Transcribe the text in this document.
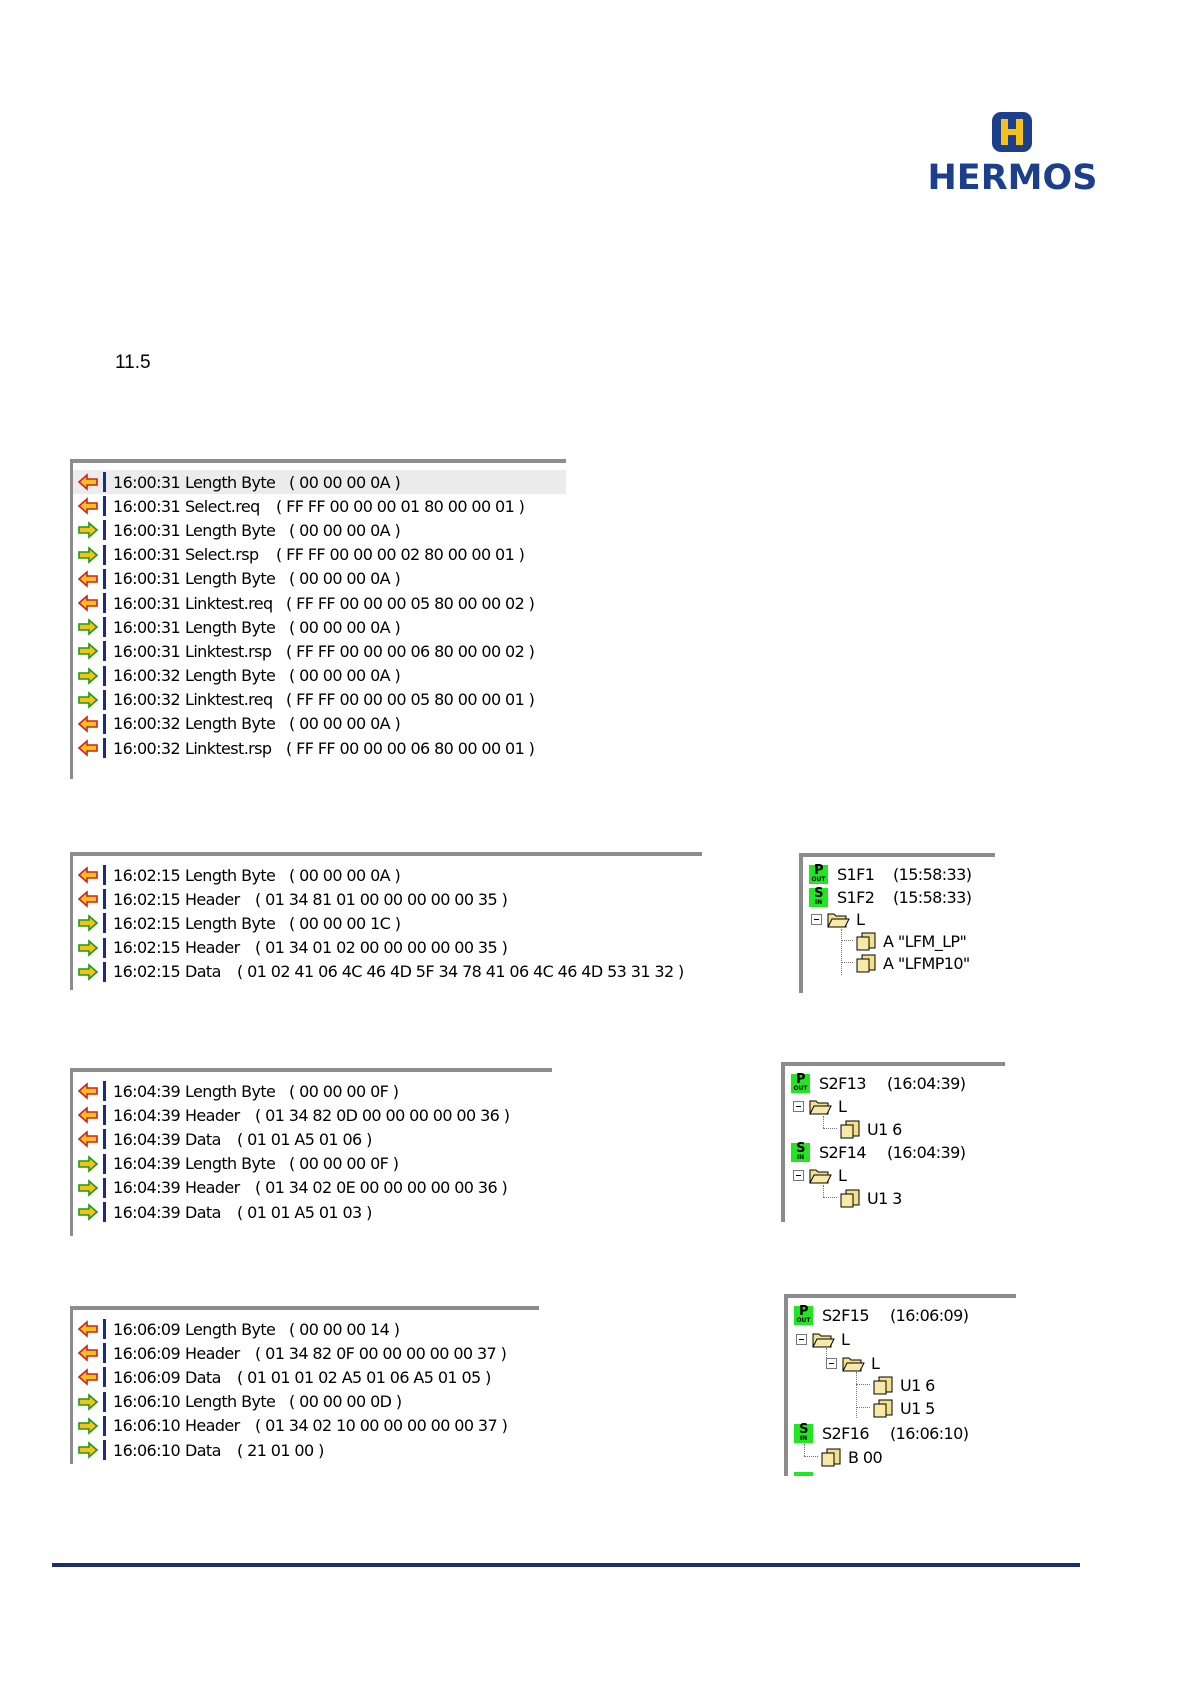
HERMOS
11.5
16:00:31 Length Byte ( 00 00 00 0A )
16:00:31 Select.req	( FF FF 00 00 00 01 80 00 00 01 )
16:00:31 Length Byte ( 00 00 00 0A )
16:00:31 Select.rsp	( FF FF 00 00 00 02 80 00 00 01 )
16:00:31 Length Byte ( 00 00 00 0A )
16:00:31 Linktest.req ( FF FF 00 00 00 05 80 00 00 02 )
16:00:31 Length Byte ( 00 00 00 0A )
16:00:31 Linktest.rsp ( FF FF 00 00 00 06 80 00 00 02 )
16:00:32 Length Byte ( 00 00 00 0A )
16:00:32 Linktest.req ( FF FF 00 00 00 05 80 00 00 01 )
16:00:32 Length Byte ( 00 00 00 0A )
16:00:32 Linktest.rsp ( FF FF 00 00 00 06 80 00 00 01 )
16:02:15 Length Byte ( 00 00 00 0A )
16:02:15 Header ( 01 34 81 01 00 00 00 00 00 35 )
16:02:15 Length Byte ( 00 00 00 1C )
16:02:15 Header ( 01 34 01 02 00 00 00 00 00 35 )
16:02:15 Data	( 01 02 41 06 4C 46 4D 5F 34 78 41 06 4C 46 4D 53 31 32 )
16:04:39 Length Byte ( 00 00 00 0F )
16:04:39 Header ( 01 34 82 0D 00 00 00 00 00 36 )
16:04:39 Data	( 01 01 A5 01 06 )
16:04:39 Length Byte ( 00 00 00 0F )
16:04:39 Header ( 01 34 02 0E 00 00 00 00 00 36 )
16:04:39 Data	( 01 01 A5 01 03 )
16:06:09 Length Byte ( 00 00 00 14 )
16:06:09 Header ( 01 34 82 0F 00 00 00 00 00 37 )
16:06:09 Data	( 01 01 01 02 A5 01 06 A5 01 05 )
16:06:10 Length Byte ( 00 00 00 0D )
16:06:10 Header ( 01 34 02 10 00 00 00 00 00 37 )
16:06:10 Data	( 21 01 00 )
P
OUT S1F1	(15:58:33)
S
IN S1F2	(15:58:33)
L
A "LFM_LP"
A "LFMP10"
P
OUT S2F13	(16:04:39)
L
U1 6
S
IN S2F14	(16:04:39)
L
U1 3
P
OUT S2F15	(16:06:09)
L
L
U1 6
U1 5
S
IN S2F16	(16:06:10)
B 00
